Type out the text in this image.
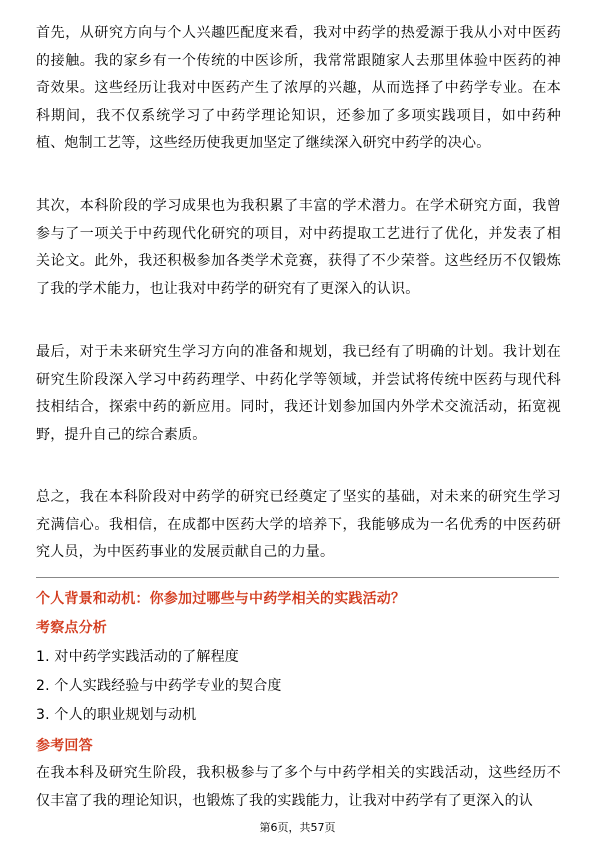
首先，从研究方向与个人兴趣匹配度来看，我对中药学的热爱源于我从小对中医药的接触。我的家乡有一个传统的中医诊所，我常常跟随家人去那里体验中医药的神奇效果。这些经历让我对中医药产生了浓厚的兴趣，从而选择了中药学专业。在本科期间，我不仅系统学习了中药学理论知识，还参加了多项实践项目，如中药种植、炮制工艺等，这些经历使我更加坚定了继续深入研究中药学的决心。

其次，本科阶段的学习成果也为我积累了丰富的学术潜力。在学术研究方面，我曾参与了一项关于中药现代化研究的项目，对中药提取工艺进行了优化，并发表了相关论文。此外，我还积极参加各类学术竞赛，获得了不少荣誉。这些经历不仅锻炼了我的学术能力，也让我对中药学的研究有了更深入的认识。

最后，对于未来研究生学习方向的准备和规划，我已经有了明确的计划。我计划在研究生阶段深入学习中药药理学、中药化学等领域，并尝试将传统中医药与现代科技相结合，探索中药的新应用。同时，我还计划参加国内外学术交流活动，拓宽视野，提升自己的综合素质。

总之，我在本科阶段对中药学的研究已经奠定了坚实的基础，对未来的研究生学习充满信心。我相信，在成都中医药大学的培养下，我能够成为一名优秀的中医药研究人员，为中医药事业的发展贡献自己的力量。

个人背景和动机：你参加过哪些与中药学相关的实践活动？

考察点分析

1. 对中药学实践活动的了解程度
2. 个人实践经验与中药学专业的契合度
3. 个人的职业规划与动机

参考回答

在我本科及研究生阶段，我积极参与了多个与中药学相关的实践活动，这些经历不仅丰富了我的理论知识，也锻炼了我的实践能力，让我对中药学有了更深入的认

第6页，共57页
